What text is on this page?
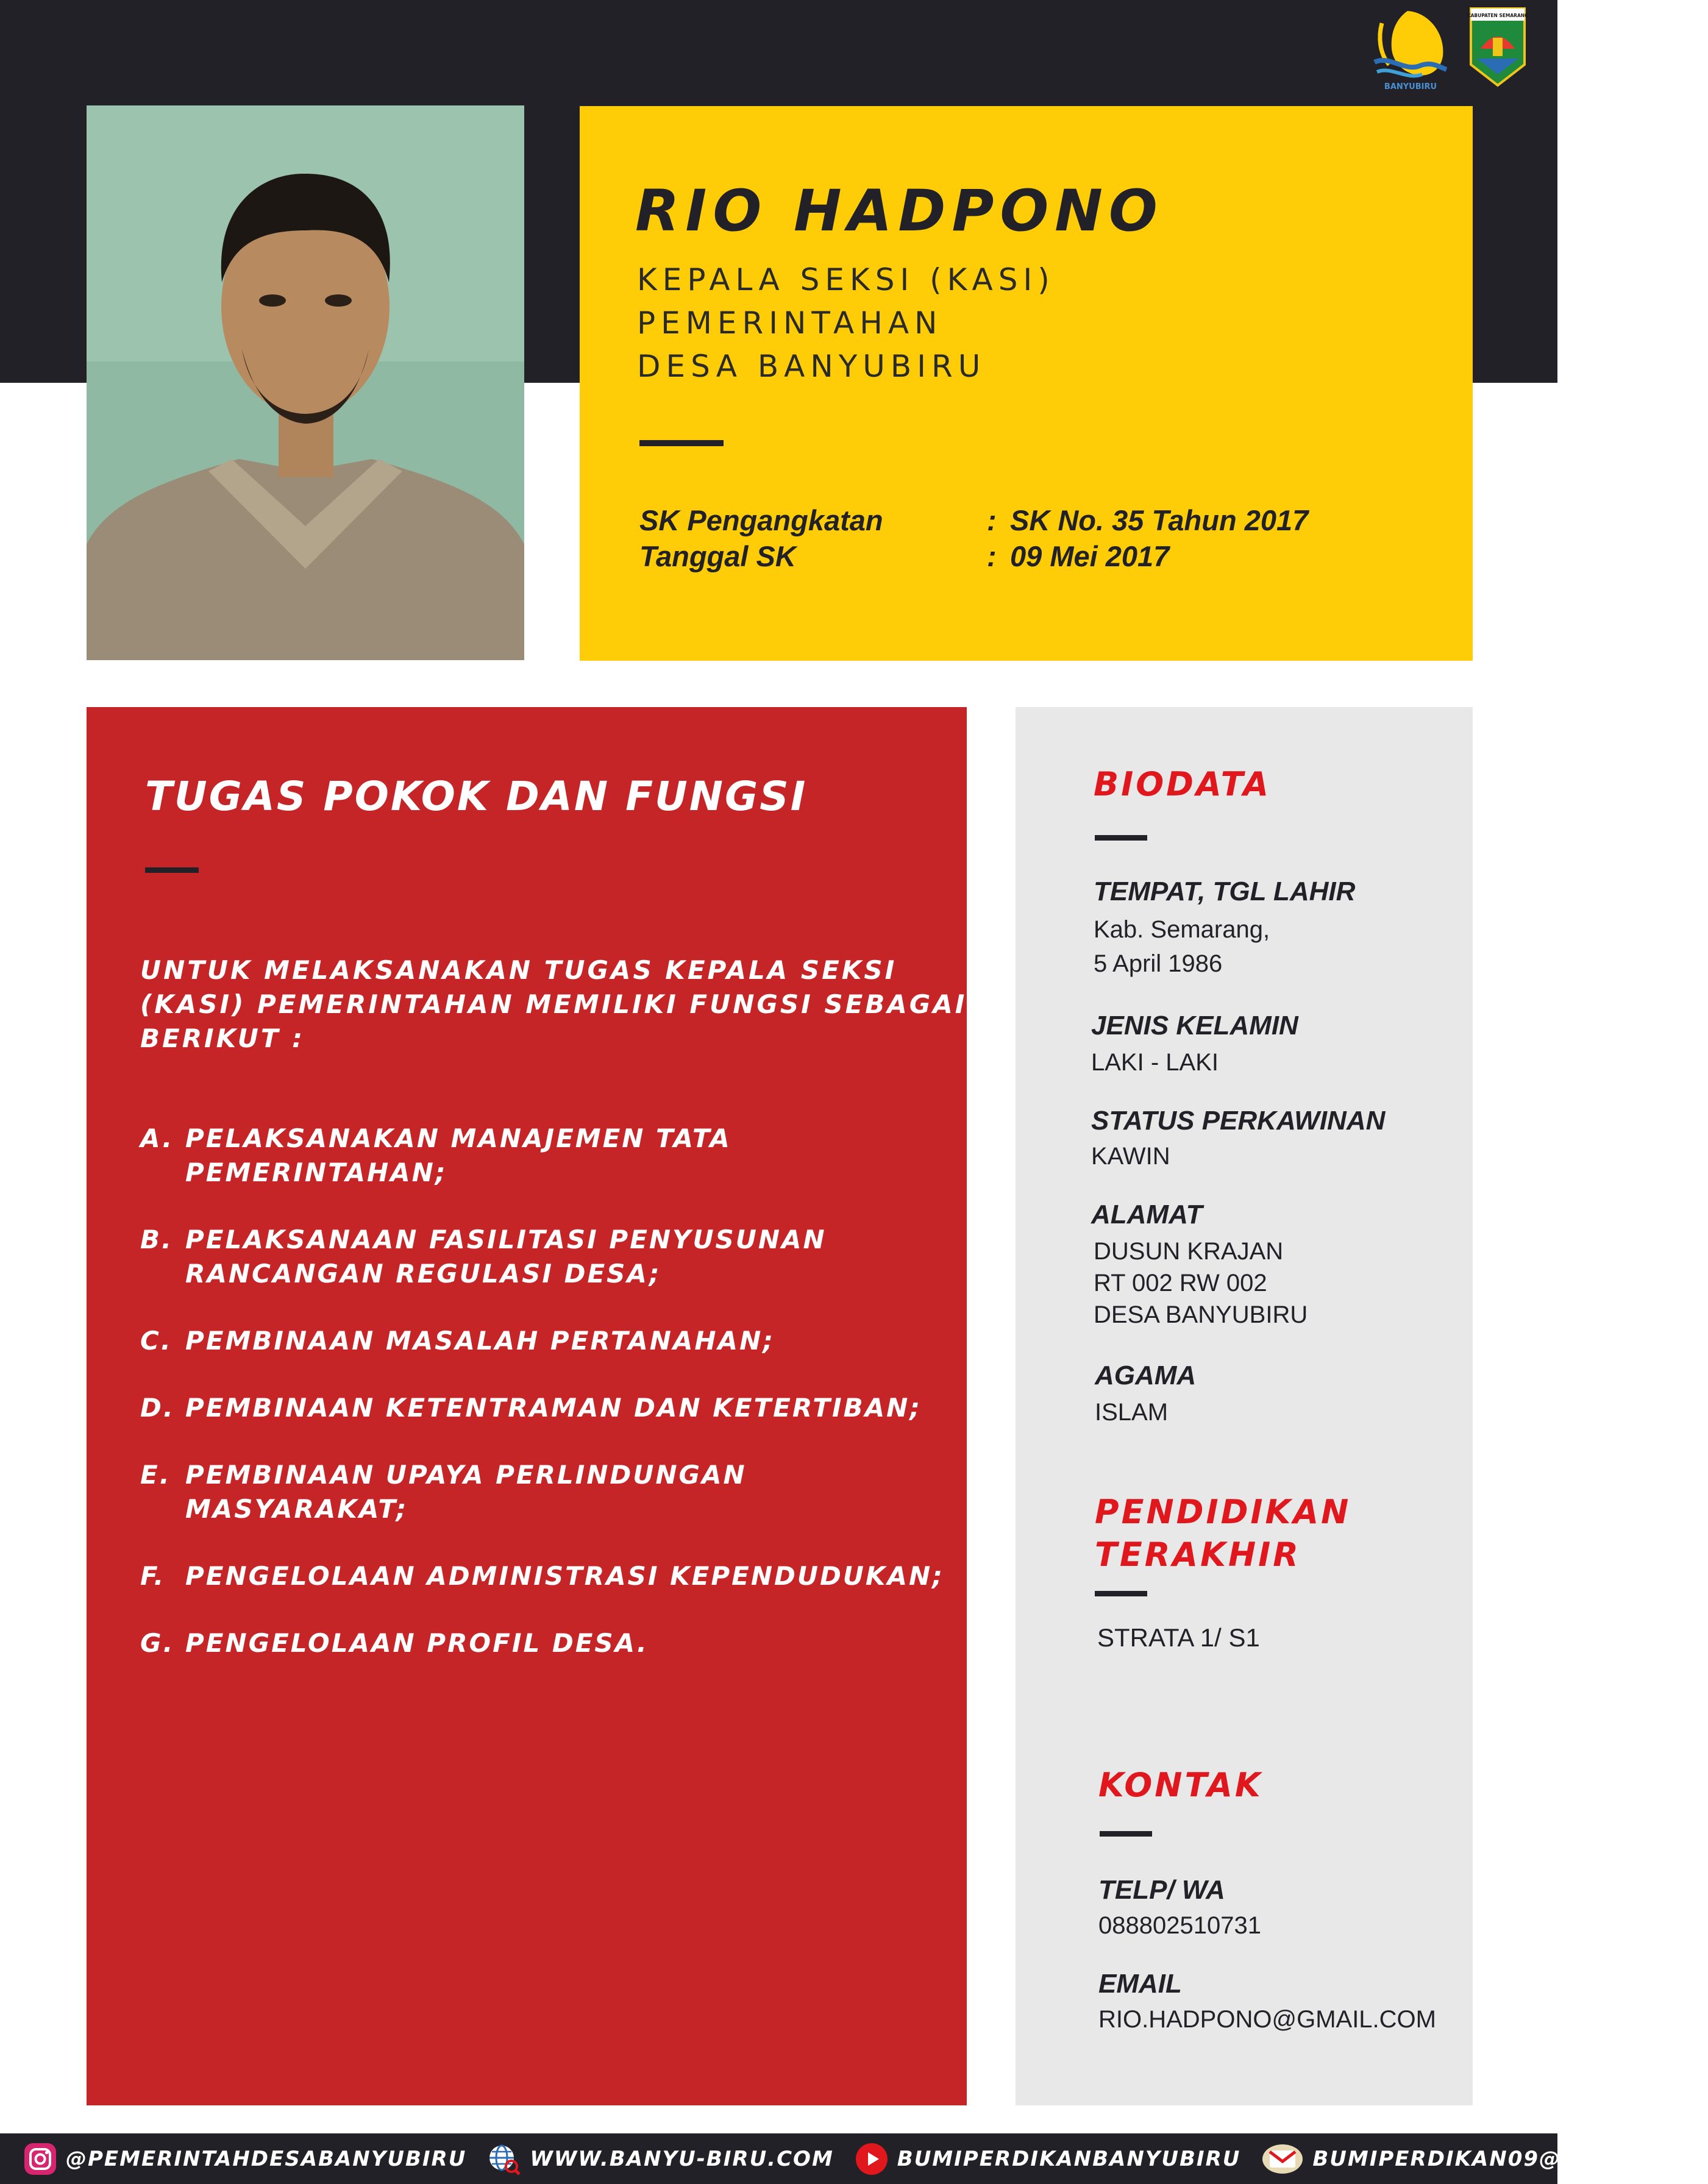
BANYUBIRU
KABUPATEN SEMARANG
RIO HADPONO
KEPALA SEKSI (KASI)
PEMERINTAHAN
DESA BANYUBIRU
SK Pengangkatan	: SK No. 35 Tahun 2017
Tanggal SK	: 09 Mei 2017
TUGAS POKOK DAN FUNGSI
UNTUK MELAKSANAKAN TUGAS KEPALA SEKSI
(KASI) PEMERINTAHAN MEMILIKI FUNGSI SEBAGAI
BERIKUT :
A. PELAKSANAKAN MANAJEMEN TATA
PEMERINTAHAN;
B. PELAKSANAAN FASILITASI PENYUSUNAN
RANCANGAN REGULASI DESA;
C. PEMBINAAN MASALAH PERTANAHAN;
D. PEMBINAAN KETENTRAMAN DAN KETERTIBAN;
E. PEMBINAAN UPAYA PERLINDUNGAN MASYARAKAT;
F. PENGELOLAAN ADMINISTRASI KEPENDUDUKAN;
G. PENGELOLAAN PROFIL DESA.
BIODATA
TEMPAT, TGL LAHIR
Kab. Semarang,
5 April 1986
JENIS KELAMIN
LAKI - LAKI
STATUS PERKAWINAN
KAWIN
ALAMAT
DUSUN KRAJAN
RT 002 RW 002
DESA BANYUBIRU
AGAMA
ISLAM
PENDIDIKAN
TERAKHIR
STRATA 1/ S1
KONTAK
TELP/ WA
088802510731
EMAIL
RIO.HADPONO@GMAIL.COM
@PEMERINTAHDESABANYUBIRU	WWW.BANYU-BIRU.COM	BUMIPERDIKANBANYUBIRU	BUMIPERDIKAN09@GMAIL.COM
